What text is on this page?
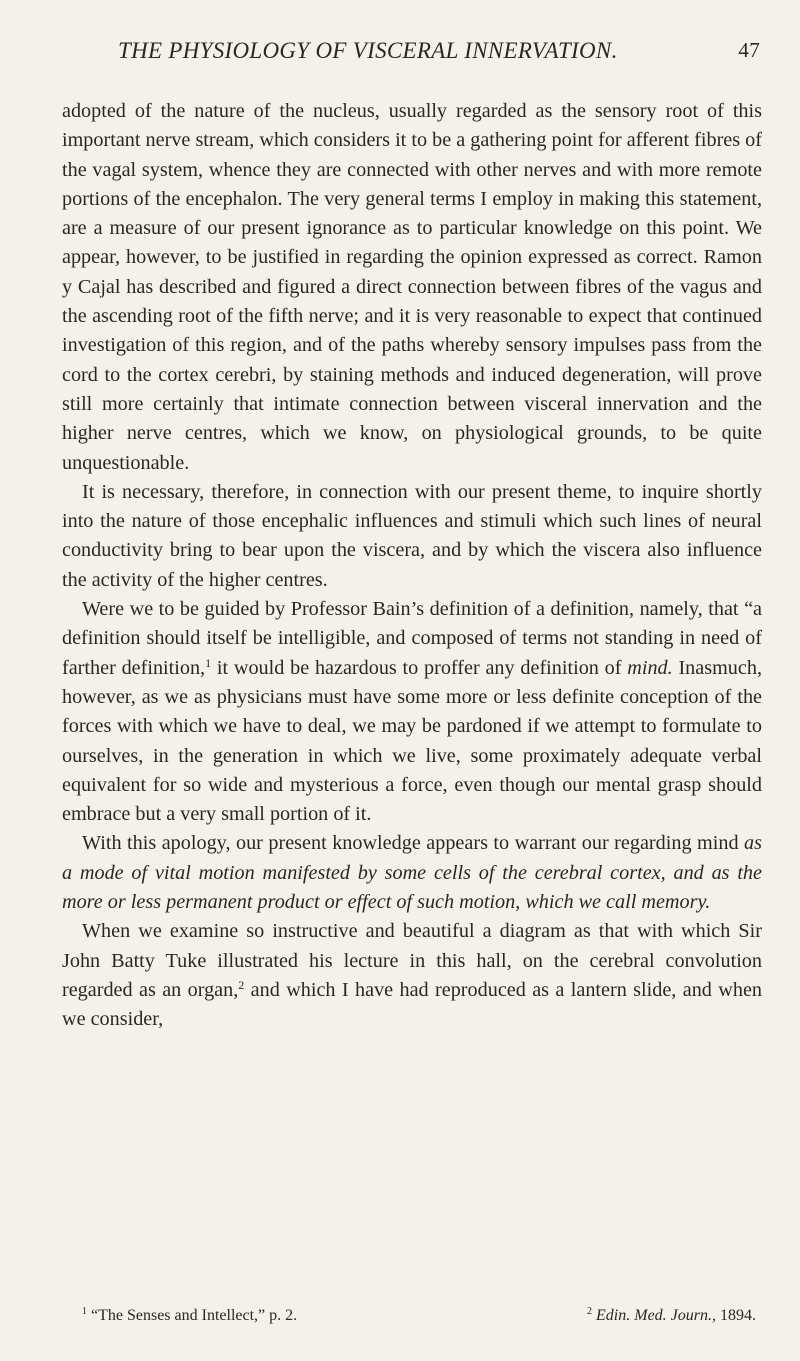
THE PHYSIOLOGY OF VISCERAL INNERVATION.	47

adopted of the nature of the nucleus, usually regarded as the sensory root of this important nerve stream, which considers it to be a gathering point for afferent fibres of the vagal system, whence they are connected with other nerves and with more remote portions of the encephalon. The very general terms I employ in making this statement, are a measure of our present ignorance as to particular knowledge on this point. We appear, however, to be justified in regarding the opinion expressed as correct. Ramon y Cajal has described and figured a direct connection between fibres of the vagus and the ascending root of the fifth nerve; and it is very reasonable to expect that continued investigation of this region, and of the paths whereby sensory impulses pass from the cord to the cortex cerebri, by staining methods and induced degeneration, will prove still more certainly that intimate connection between visceral innervation and the higher nerve centres, which we know, on physiological grounds, to be quite unquestionable.

It is necessary, therefore, in connection with our present theme, to inquire shortly into the nature of those encephalic influences and stimuli which such lines of neural conductivity bring to bear upon the viscera, and by which the viscera also influence the activity of the higher centres.

Were we to be guided by Professor Bain’s definition of a definition, namely, that “a definition should itself be intelligible, and composed of terms not standing in need of farther definition,$^1$ it would be hazardous to proffer any definition of mind. Inasmuch, however, as we as physicians must have some more or less definite conception of the forces with which we have to deal, we may be pardoned if we attempt to formulate to ourselves, in the generation in which we live, some proximately adequate verbal equivalent for so wide and mysterious a force, even though our mental grasp should embrace but a very small portion of it.

With this apology, our present knowledge appears to warrant our regarding mind as a mode of vital motion manifested by some cells of the cerebral cortex, and as the more or less permanent product or effect of such motion, which we call memory.

When we examine so instructive and beautiful a diagram as that with which Sir John Batty Tuke illustrated his lecture in this hall, on the cerebral convolution regarded as an organ,$^2$ and which I have had reproduced as a lantern slide, and when we consider,

$^1$ “The Senses and Intellect,” p. 2.	$^2$ Edin. Med. Journ., 1894.
